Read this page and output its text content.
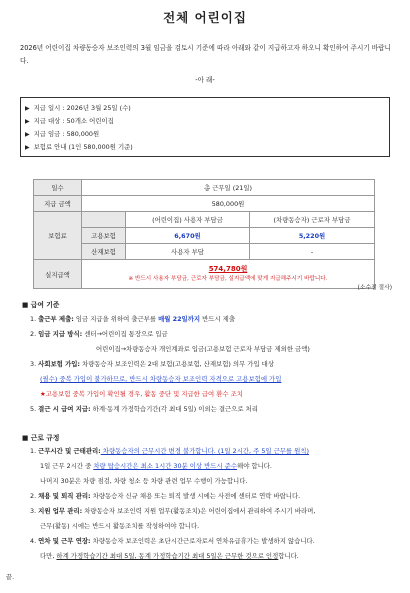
전체 어린이집
2026년 어린이집 차량동승자 보조인력의 3월 임금을 검토시 기준에 따라 아래와 같이 지급하고자 하오니 확인하여 주시기 바랍니다.
-아 래-
▶ 지급 일시 : 2026년 3월 25일 (수)
▶ 지급 대상 : 50개소 어린이집
▶ 지급 임금 : 580,000원
▶ 보험료 안내 (1인 580,000원 기준)
일수	총 근무일 (21일)		
지급 금액	580,000원		
보험료		(어린이집) 사용자 부담금	(차량동승자) 근로자 부담금
	고용보험	6,670원	5,220원
	산재보험	사용자 부담	-
실지급액	574,780원
※ 반드시 사용자 부담금, 근로자 부담금, 실지급액에 맞게 지급해주시기 바랍니다.		
(소수점 절사)
■ 급여 기준
1. 출근부 제출: 임금 지급을 위하여 출근부를 매월 22일까지 반드시 제출
2. 임금 지급 방식: 센터→어린이집 통장으로 입금
어린이집→차량동승자 개인계좌로 입금(고용보험 근로자 부담금 제외한 금액)
3. 사회보험 가입: 차량동승자 보조인력은 2대 보험(고용보험, 산재보험) 의무 가입 대상
(필수) 중복 가입이 불가하므로, 반드시 차량동승자 보조인력 자격으로 고용보험에 가입
★고용보험 중복 가입이 확인될 경우, 활동 중단 및 지급한 급여 환수 조치
5. 결근 시 급여 지급: 하계·동계 가정학습기간(각 최대 5일) 이외는 결근으로 처리
■ 근로 규정
1. 근무시간 및 근태관리: 차량동승자의 근무시간 변경 불가합니다. (1일 2시간, 주 5일 근무를 원칙)
1일 근무 2시간 중 차량 탑승시간은 최소 1시간 30분 이상 반드시 준수해야 합니다.
나머지 30분은 차량 점검, 차량 청소 등 차량 관련 업무 수행이 가능합니다.
2. 채용 및 퇴직 관리: 차량동승자 신규 채용 또는 퇴직 발생 시에는 사전에 센터로 연락 바랍니다.
3. 지원 업무 관리: 차량동승자 보조인력 지원 업무(활동조치)은 어린이집에서 관리하여 주시기 바라며,
근무(활동) 시에는 반드시 활동조치를 작성하여야 합니다.
4. 연차 및 근무 연장: 차량동승자 보조인력은 초단시간근로자로서 연차유급휴가는 발생하지 않습니다.
다만, 하계 가정학습기간 최대 5일, 동계 가정학습기간 최대 5일은 근무한 것으로 인정합니다.
끝.
